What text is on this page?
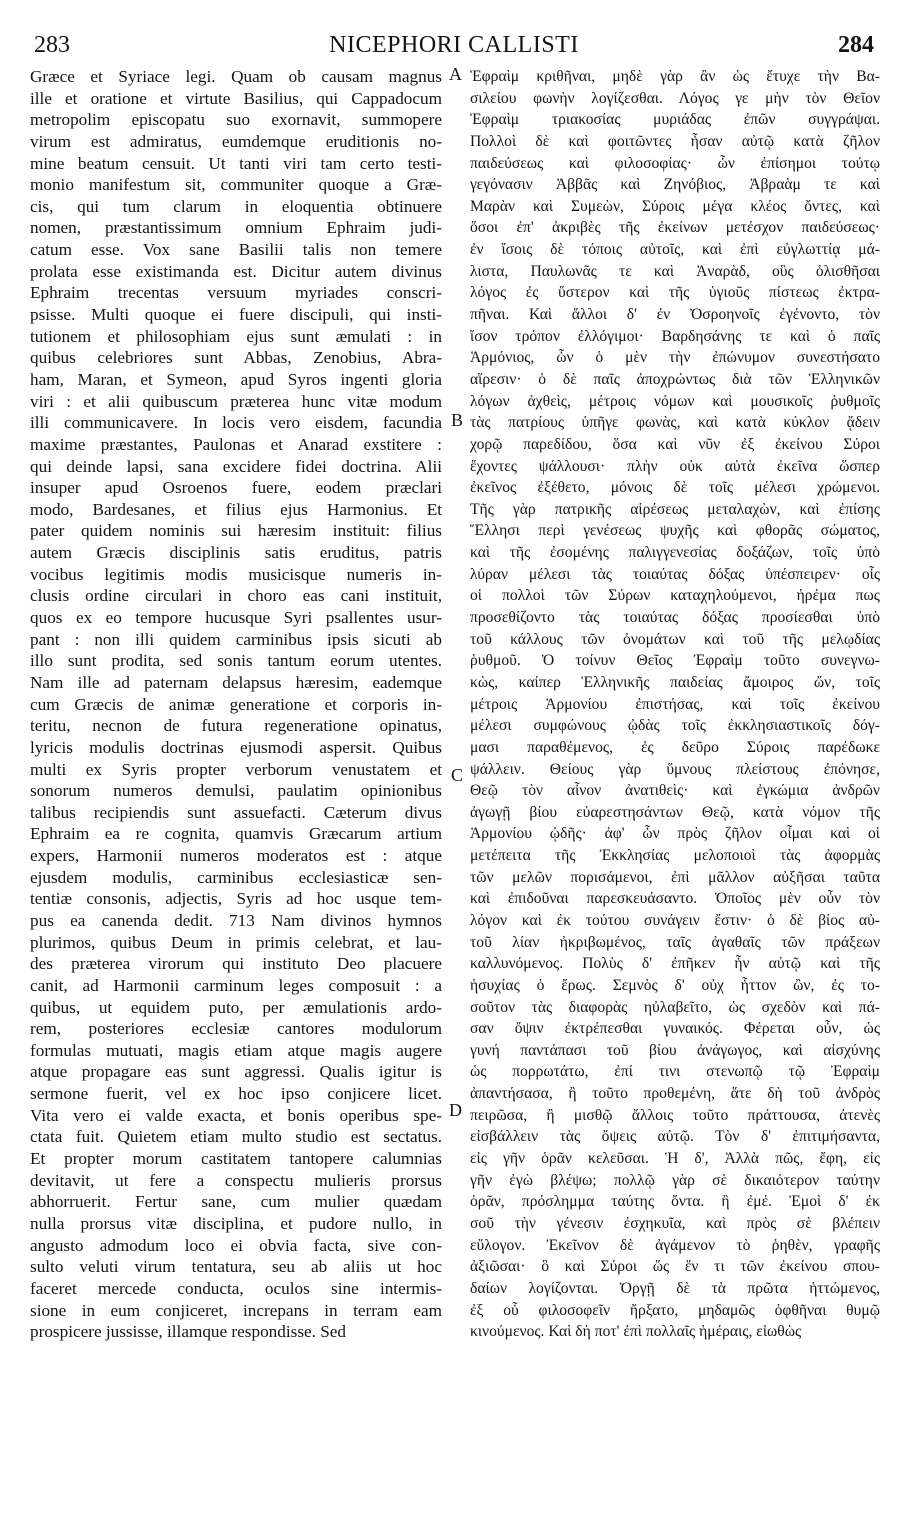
283	NICEPHORI CALLISTI	284
Græce et Syriace legi. Quam ob causam magnus
ille et oratione et virtute Basilius, qui Cappadocum
metropolim episcopatu suo exornavit, summopere
virum est admiratus, eumdemque eruditionis no-
mine beatum censuit. Ut tanti viri tam certo testi-
monio manifestum sit, communiter quoque a Græ-
cis, qui tum clarum in eloquentia obtinuere
nomen, præstantissimum omnium Ephraim judi-
catum esse. Vox sane Basilii talis non temere
prolata esse existimanda est. Dicitur autem divinus
Ephraim trecentas versuum myriades conscri-
psisse. Multi quoque ei fuere discipuli, qui insti-
tutionem et philosophiam ejus sunt æmulati : in
quibus celebriores sunt Abbas, Zenobius, Abra-
ham, Maran, et Symeon, apud Syros ingenti gloria
viri : et alii quibuscum præterea hunc vitæ modum
illi communicavere. In locis vero eisdem, facundia
maxime præstantes, Paulonas et Anarad exstitere :
qui deinde lapsi, sana excidere fidei doctrina. Alii
insuper apud Osroenos fuere, eodem præclari
modo, Bardesanes, et filius ejus Harmonius. Et
pater quidem nominis sui hæresim instituit: filius
autem Græcis disciplinis satis eruditus, patris
vocibus legitimis modis musicisque numeris in-
clusis ordine circulari in choro eas cani instituit,
quos ex eo tempore hucusque Syri psallentes usur-
pant : non illi quidem carminibus ipsis sicuti ab
illo sunt prodita, sed sonis tantum eorum utentes.
Nam ille ad paternam delapsus hæresim, eademque
cum Græcis de animæ generatione et corporis in-
teritu, necnon de futura regeneratione opinatus,
lyricis modulis doctrinas ejusmodi aspersit. Quibus
multi ex Syris propter verborum venustatem et
sonorum numeros demulsi, paulatim opinionibus
talibus recipiendis sunt assuefacti. Cæterum divus
Ephraim ea re cognita, quamvis Græcarum artium
expers, Harmonii numeros moderatos est : atque
ejusdem modulis, carminibus ecclesiasticæ sen-
tentiæ consonis, adjectis, Syris ad hoc usque tem-
pus ea canenda dedit. 713 Nam divinos hymnos
plurimos, quibus Deum in primis celebrat, et lau-
des præterea virorum qui instituto Deo placuere
canit, ad Harmonii carminum leges composuit : a
quibus, ut equidem puto, per æmulationis ardo-
rem, posteriores ecclesiæ cantores modulorum
formulas mutuati, magis etiam atque magis augere
atque propagare eas sunt aggressi. Qualis igitur is
sermone fuerit, vel ex hoc ipso conjicere licet.
Vita vero ei valde exacta, et bonis operibus spe-
ctata fuit. Quietem etiam multo studio est sectatus.
Et propter morum castitatem tantopere calumnias
devitavit, ut fere a conspectu mulieris prorsus
abhorruerit. Fertur sane, cum mulier quædam
nulla prorsus vitæ disciplina, et pudore nullo, in
angusto admodum loco ei obvia facta, sive con-
sulto veluti virum tentatura, seu ab aliis ut hoc
faceret mercede conducta, oculos sine intermis-
sione in eum conjiceret, increpans in terram eam
prospicere jussisse, illamque respondisse. Sed
Ἐφραὶμ κριθῆναι, μηδὲ γὰρ ἂν ὡς ἔτυχε τὴν Βα-
σιλείου φωνὴν λογίζεσθαι. Λόγος γε μὴν τὸν Θεῖον
Ἐφραὶμ τριακοσίας μυριάδας ἐπῶν συγγράψαι.
Πολλοὶ δὲ καὶ φοιτῶντες ἦσαν αὐτῷ κατὰ ζῆλον
παιδεύσεως καὶ φιλοσοφίας· ὧν ἐπίσημοι τούτῳ
γεγόνασιν Ἀββᾶς καὶ Ζηνόβιος, Ἀβραὰμ τε καὶ
Μαρὰν καὶ Συμεὼν, Σύροις μέγα κλέος ὄντες, καὶ
ὅσοι ἐπ' ἀκριβὲς τῆς ἐκείνων μετέσχον παιδεύσεως·
ἐν ἴσοις δὲ τόποις αὐτοῖς, καὶ ἐπὶ εὐγλωττίᾳ μά-
λιστα, Παυλωνᾶς τε καὶ Ἀναρὰδ, οὓς ὀλισθῆσαι
λόγος ἐς ὕστερον καὶ τῆς ὑγιοῦς πίστεως ἐκτρα-
πῆναι. Καὶ ἄλλοι δ' ἐν Ὀσροηνοῖς ἐγένοντο, τὸν
ἴσον τρόπον ἐλλόγιμοι· Βαρδησάνης τε καὶ ὁ παῖς
Ἁρμόνιος, ὧν ὁ μὲν τὴν ἐπώνυμον συνεστήσατο
αἵρεσιν· ὁ δὲ παῖς ἀποχρώντως διὰ τῶν Ἑλληνικῶν
λόγων ἀχθεὶς, μέτροις νόμων καὶ μουσικοῖς ῥυθμοῖς
τὰς πατρίους ὑπῆγε φωνὰς, καὶ κατὰ κύκλον ᾄδειν
χορῷ παρεδίδου, ὅσα καὶ νῦν ἐξ ἐκείνου Σύροι
ἔχοντες ψάλλουσι· πλὴν οὐκ αὐτὰ ἐκεῖνα ὥσπερ
ἐκεῖνος ἐξέθετο, μόνοις δὲ τοῖς μέλεσι χρώμενοι.
Τῆς γὰρ πατρικῆς αἱρέσεως μεταλαχὼν, καὶ ἐπίσης
Ἕλλησι περὶ γενέσεως ψυχῆς καὶ φθορᾶς σώματος,
καὶ τῆς ἐσομένης παλιγγενεσίας δοξάζων, τοῖς ὑπὸ
λύραν μέλεσι τὰς τοιαύτας δόξας ὑπέσπειρεν· οἷς
οἱ πολλοὶ τῶν Σύρων καταχηλούμενοι, ἠρέμα πως
προσεθίζοντο τὰς τοιαύτας δόξας προσίεσθαι ὑπὸ
τοῦ κάλλους τῶν ὀνομάτων καὶ τοῦ τῆς μελῳδίας
ῥυθμοῦ. Ὁ τοίνυν Θεῖος Ἐφραὶμ τοῦτο συνεγνω-
κὼς, καίπερ Ἑλληνικῆς παιδείας ἄμοιρος ὤν, τοῖς
μέτροις Ἁρμονίου ἐπιστήσας, καὶ τοῖς ἐκείνου
μέλεσι συμφώνους ᾠδὰς τοῖς ἐκκλησιαστικοῖς δόγ-
μασι παραθέμενος, ἐς δεῦρο Σύροις παρέδωκε
ψάλλειν. Θείους γὰρ ὕμνους πλείστους ἐπόνησε,
Θεῷ τὸν αἶνον ἀνατιθεὶς· καὶ ἐγκώμια ἀνδρῶν
ἀγωγῇ βίου εὐαρεστησάντων Θεῷ, κατὰ νόμον τῆς
Ἁρμονίου ᾠδῆς· ἀφ' ὧν πρὸς ζῆλον οἶμαι καὶ οἱ
μετέπειτα τῆς Ἐκκλησίας μελοποιοὶ τὰς ἀφορμὰς
τῶν μελῶν πορισάμενοι, ἐπὶ μᾶλλον αὐξῆσαι ταῦτα
καὶ ἐπιδοῦναι παρεσκευάσαντο. Ὁποῖος μὲν οὖν τὸν
λόγον καὶ ἐκ τούτου συνάγειν ἔστιν· ὁ δὲ βίος αὐ-
τοῦ λίαν ἠκριβωμένος, ταῖς ἀγαθαῖς τῶν πράξεων
καλλυνόμενος. Πολὺς δ' ἐπῆκεν ἦν αὐτῷ καὶ τῆς
ἡσυχίας ὁ ἔρως. Σεμνὸς δ' οὐχ ἧττον ὢν, ἐς το-
σοῦτον τὰς διαφορὰς ηὐλαβεῖτο, ὡς σχεδὸν καὶ πά-
σαν ὄψιν ἐκτρέπεσθαι γυναικός. Φέρεται οὖν, ὡς
γυνή παντάπασι τοῦ βίου ἀνάγωγος, καὶ αἰσχύνης
ὡς πορρωτάτω, ἐπί τινι στενωπῷ τῷ Ἐφραὶμ
ἀπαντήσασα, ἢ τοῦτο προθεμένη, ἅτε δὴ τοῦ ἀνδρὸς
πειρῶσα, ἢ μισθῷ ἄλλοις τοῦτο πράττουσα, ἀτενὲς
εἰσβάλλειν τὰς ὄψεις αὐτῷ. Τὸν δ' ἐπιτιμήσαντα,
εἰς γῆν ὁρᾶν κελεῦσαι. Ἡ δ', Ἀλλὰ πῶς, ἔφη, εἰς
γῆν ἐγὼ βλέψω; πολλῷ γὰρ σὲ δικαιότερον ταύτην
ὁρᾶν, πρόσλημμα ταύτης ὄντα. ἢ ἐμέ. Ἐμοὶ δ' ἐκ
σοῦ τὴν γένεσιν ἐσχηκυῖα, καὶ πρὸς σὲ βλέπειν
εὔλογον. Ἐκεῖνον δὲ ἀγάμενον τὸ ῥηθὲν, γραφῆς
ἀξιῶσαι· ὃ καὶ Σύροι ὥς ἕν τι τῶν ἐκείνου σπου-
δαίων λογίζονται. Ὀργῇ δὲ τὰ πρῶτα ἡττώμενος,
ἐξ οὗ φιλοσοφεῖν ἤρξατο, μηδαμῶς ὀφθῆναι θυμῷ
κινούμενος. Καὶ δὴ ποτ' ἐπὶ πολλαῖς ἡμέραις, εἰωθὼς
A
B
C
D
